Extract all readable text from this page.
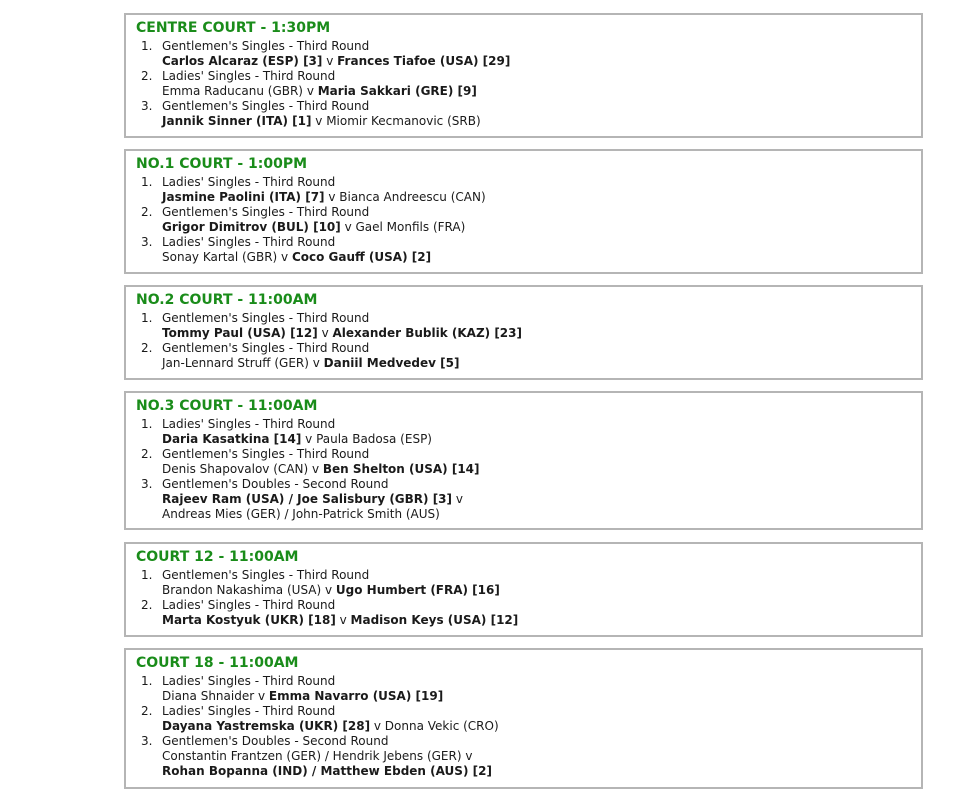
CENTRE COURT - 1:30PM
1. Gentlemen's Singles - Third Round
Carlos Alcaraz (ESP) [3] v Frances Tiafoe (USA) [29]
2. Ladies' Singles - Third Round
Emma Raducanu (GBR) v Maria Sakkari (GRE) [9]
3. Gentlemen's Singles - Third Round
Jannik Sinner (ITA) [1] v Miomir Kecmanovic (SRB)
NO.1 COURT - 1:00PM
1. Ladies' Singles - Third Round
Jasmine Paolini (ITA) [7] v Bianca Andreescu (CAN)
2. Gentlemen's Singles - Third Round
Grigor Dimitrov (BUL) [10] v Gael Monfils (FRA)
3. Ladies' Singles - Third Round
Sonay Kartal (GBR) v Coco Gauff (USA) [2]
NO.2 COURT - 11:00AM
1. Gentlemen's Singles - Third Round
Tommy Paul (USA) [12] v Alexander Bublik (KAZ) [23]
2. Gentlemen's Singles - Third Round
Jan-Lennard Struff (GER) v Daniil Medvedev [5]
NO.3 COURT - 11:00AM
1. Ladies' Singles - Third Round
Daria Kasatkina [14] v Paula Badosa (ESP)
2. Gentlemen's Singles - Third Round
Denis Shapovalov (CAN) v Ben Shelton (USA) [14]
3. Gentlemen's Doubles - Second Round
Rajeev Ram (USA) / Joe Salisbury (GBR) [3] v
Andreas Mies (GER) / John-Patrick Smith (AUS)
COURT 12 - 11:00AM
1. Gentlemen's Singles - Third Round
Brandon Nakashima (USA) v Ugo Humbert (FRA) [16]
2. Ladies' Singles - Third Round
Marta Kostyuk (UKR) [18] v Madison Keys (USA) [12]
COURT 18 - 11:00AM
1. Ladies' Singles - Third Round
Diana Shnaider v Emma Navarro (USA) [19]
2. Ladies' Singles - Third Round
Dayana Yastremska (UKR) [28] v Donna Vekic (CRO)
3. Gentlemen's Doubles - Second Round
Constantin Frantzen (GER) / Hendrik Jebens (GER) v
Rohan Bopanna (IND) / Matthew Ebden (AUS) [2]
